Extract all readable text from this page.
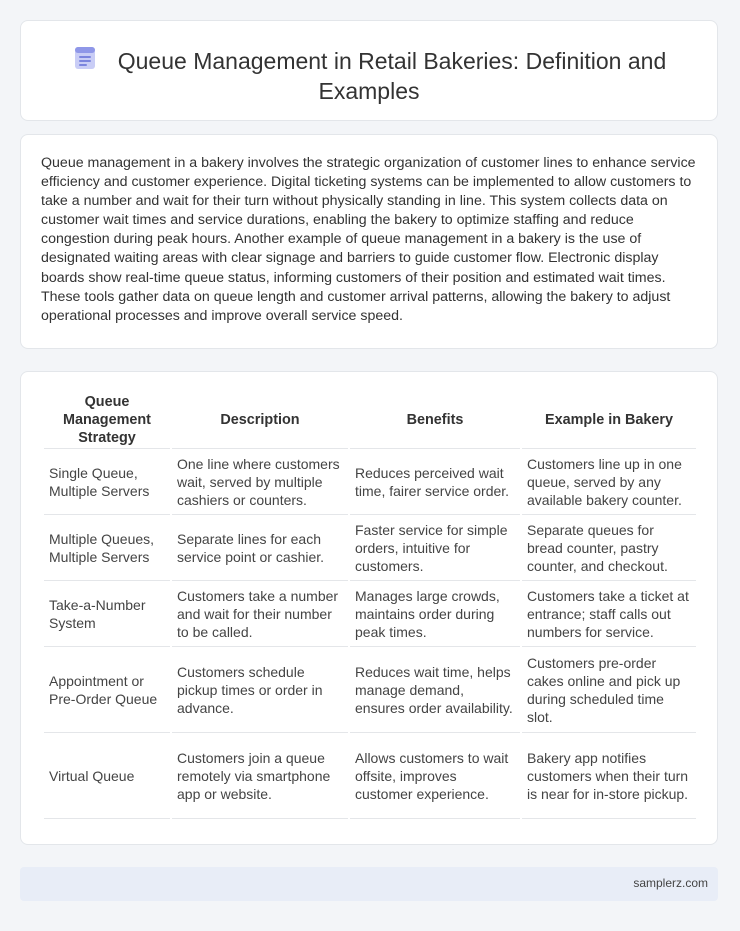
Queue Management in Retail Bakeries: Definition and Examples
Queue management in a bakery involves the strategic organization of customer lines to enhance service efficiency and customer experience. Digital ticketing systems can be implemented to allow customers to take a number and wait for their turn without physically standing in line. This system collects data on customer wait times and service durations, enabling the bakery to optimize staffing and reduce congestion during peak hours. Another example of queue management in a bakery is the use of designated waiting areas with clear signage and barriers to guide customer flow. Electronic display boards show real-time queue status, informing customers of their position and estimated wait times. These tools gather data on queue length and customer arrival patterns, allowing the bakery to adjust operational processes and improve overall service speed.
Queue Management Strategy	Description	Benefits	Example in Bakery
Single Queue, Multiple Servers	One line where customers wait, served by multiple cashiers or counters.	Reduces perceived wait time, fairer service order.	Customers line up in one queue, served by any available bakery counter.
Multiple Queues, Multiple Servers	Separate lines for each service point or cashier.	Faster service for simple orders, intuitive for customers.	Separate queues for bread counter, pastry counter, and checkout.
Take-a-Number System	Customers take a number and wait for their number to be called.	Manages large crowds, maintains order during peak times.	Customers take a ticket at entrance; staff calls out numbers for service.
Appointment or Pre-Order Queue	Customers schedule pickup times or order in advance.	Reduces wait time, helps manage demand, ensures order availability.	Customers pre-order cakes online and pick up during scheduled time slot.
Virtual Queue	Customers join a queue remotely via smartphone app or website.	Allows customers to wait offsite, improves customer experience.	Bakery app notifies customers when their turn is near for in-store pickup.
samplerz.com
